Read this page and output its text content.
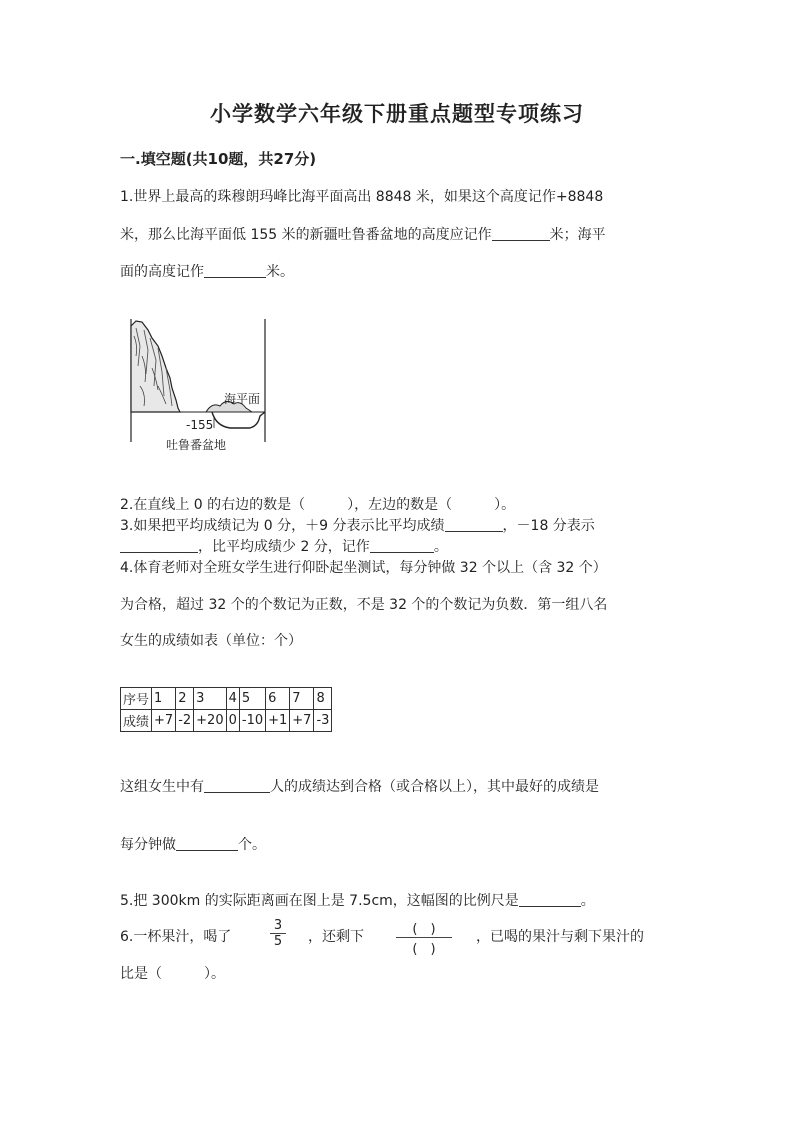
小学数学六年级下册重点题型专项练习
一.填空题(共10题，共27分)
1.世界上最高的珠穆朗玛峰比海平面高出 8848 米，如果这个高度记作+8848
米，那么比海平面低 155 米的新疆吐鲁番盆地的高度应记作	米；海平
面的高度记作	米。
海平面
-155
吐鲁番盆地
2.在直线上 0 的右边的数是（	），左边的数是（	）。
3.如果把平均成绩记为 0 分，＋9 分表示比平均成绩	，－18 分表示
，比平均成绩少 2 分，记作	。
4.体育老师对全班女学生进行仰卧起坐测试，每分钟做 32 个以上（含 32 个）
为合格，超过 32 个的个数记为正数，不是 32 个的个数记为负数．第一组八名
女生的成绩如表（单位：个）
序号	1	2	3	4	5	6	7	8
成绩	+7	-2	+20	0	-10	+1	+7	-3
这组女生中有	人的成绩达到合格（或合格以上），其中最好的成绩是
每分钟做	个。
5.把 300km 的实际距离画在图上是 7.5cm，这幅图的比例尺是	。
6.一杯果汁，喝了	$\frac{3}{5}$ ，还剩下	(　)
(　)
，已喝的果汁与剩下果汁的
比是（	）。
